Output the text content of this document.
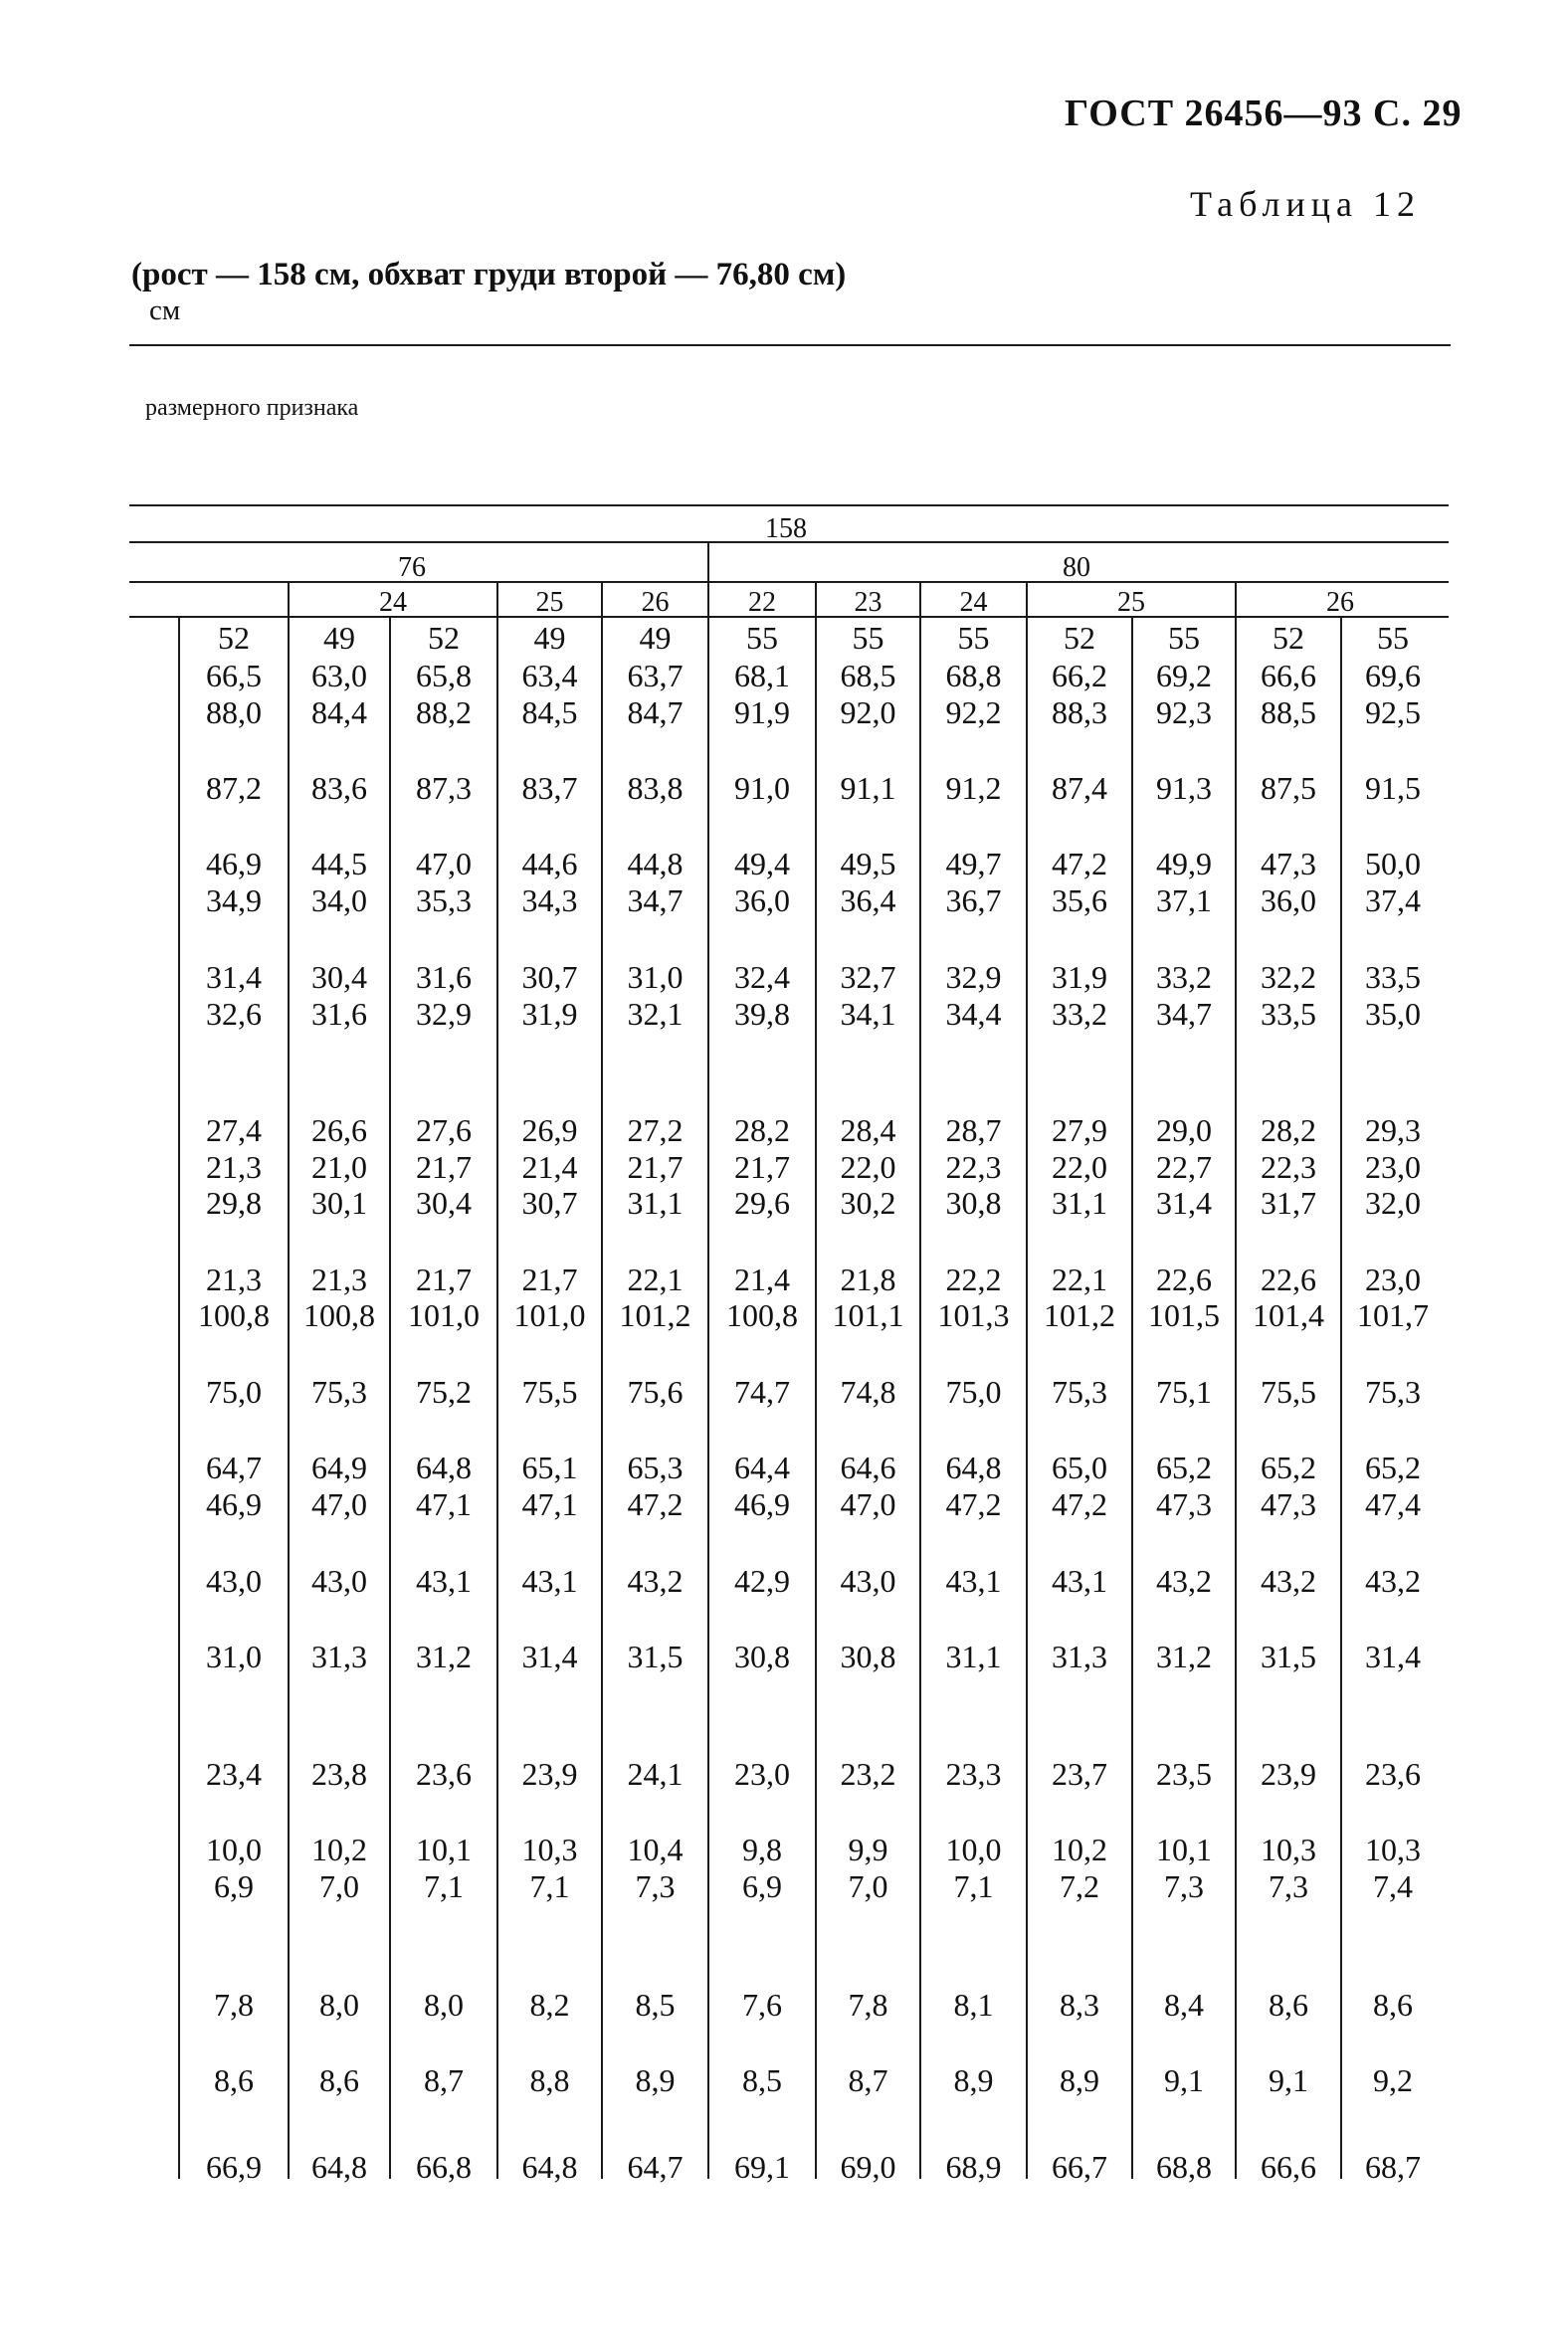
ГОСТ 26456—93 С. 29
Таблица 12
(рост — 158 см, обхват груди второй — 76,80 см)
см
размерного признака
158
76	80
24	25	26	22	23	24	25	26
52 49 52 49 49 55 55 55 52 55 52 55
66,5 63,0 65,8 63,4 63,7 68,1 68,5 68,8 66,2 69,2 66,6 69,6
88,0 84,4 88,2 84,5 84,7 91,9 92,0 92,2 88,3 92,3 88,5 92,5
87,2 83,6 87,3 83,7 83,8 91,0 91,1 91,2 87,4 91,3 87,5 91,5
46,9 44,5 47,0 44,6 44,8 49,4 49,5 49,7 47,2 49,9 47,3 50,0
34,9 34,0 35,3 34,3 34,7 36,0 36,4 36,7 35,6 37,1 36,0 37,4
31,4 30,4 31,6 30,7 31,0 32,4 32,7 32,9 31,9 33,2 32,2 33,5
32,6 31,6 32,9 31,9 32,1 39,8 34,1 34,4 33,2 34,7 33,5 35,0
27,4 26,6 27,6 26,9 27,2 28,2 28,4 28,7 27,9 29,0 28,2 29,3
21,3 21,0 21,7 21,4 21,7 21,7 22,0 22,3 22,0 22,7 22,3 23,0
29,8 30,1 30,4 30,7 31,1 29,6 30,2 30,8 31,1 31,4 31,7 32,0
21,3 21,3 21,7 21,7 22,1 21,4 21,8 22,2 22,1 22,6 22,6 23,0
100,8 100,8 101,0 101,0 101,2 100,8 101,1 101,3 101,2 101,5 101,4 101,7
75,0 75,3 75,2 75,5 75,6 74,7 74,8 75,0 75,3 75,1 75,5 75,3
64,7 64,9 64,8 65,1 65,3 64,4 64,6 64,8 65,0 65,2 65,2 65,2
46,9 47,0 47,1 47,1 47,2 46,9 47,0 47,2 47,2 47,3 47,3 47,4
43,0 43,0 43,1 43,1 43,2 42,9 43,0 43,1 43,1 43,2 43,2 43,2
31,0 31,3 31,2 31,4 31,5 30,8 30,8 31,1 31,3 31,2 31,5 31,4
23,4 23,8 23,6 23,9 24,1 23,0 23,2 23,3 23,7 23,5 23,9 23,6
10,0 10,2 10,1 10,3 10,4 9,8 9,9 10,0 10,2 10,1 10,3 10,3
6,9 7,0 7,1 7,1 7,3 6,9 7,0 7,1 7,2 7,3 7,3 7,4
7,8 8,0 8,0 8,2 8,5 7,6 7,8 8,1 8,3 8,4 8,6 8,6
8,6 8,6 8,7 8,8 8,9 8,5 8,7 8,9 8,9 9,1 9,1 9,2
66,9 64,8 66,8 64,8 64,7 69,1 69,0 68,9 66,7 68,8 66,6 68,7
